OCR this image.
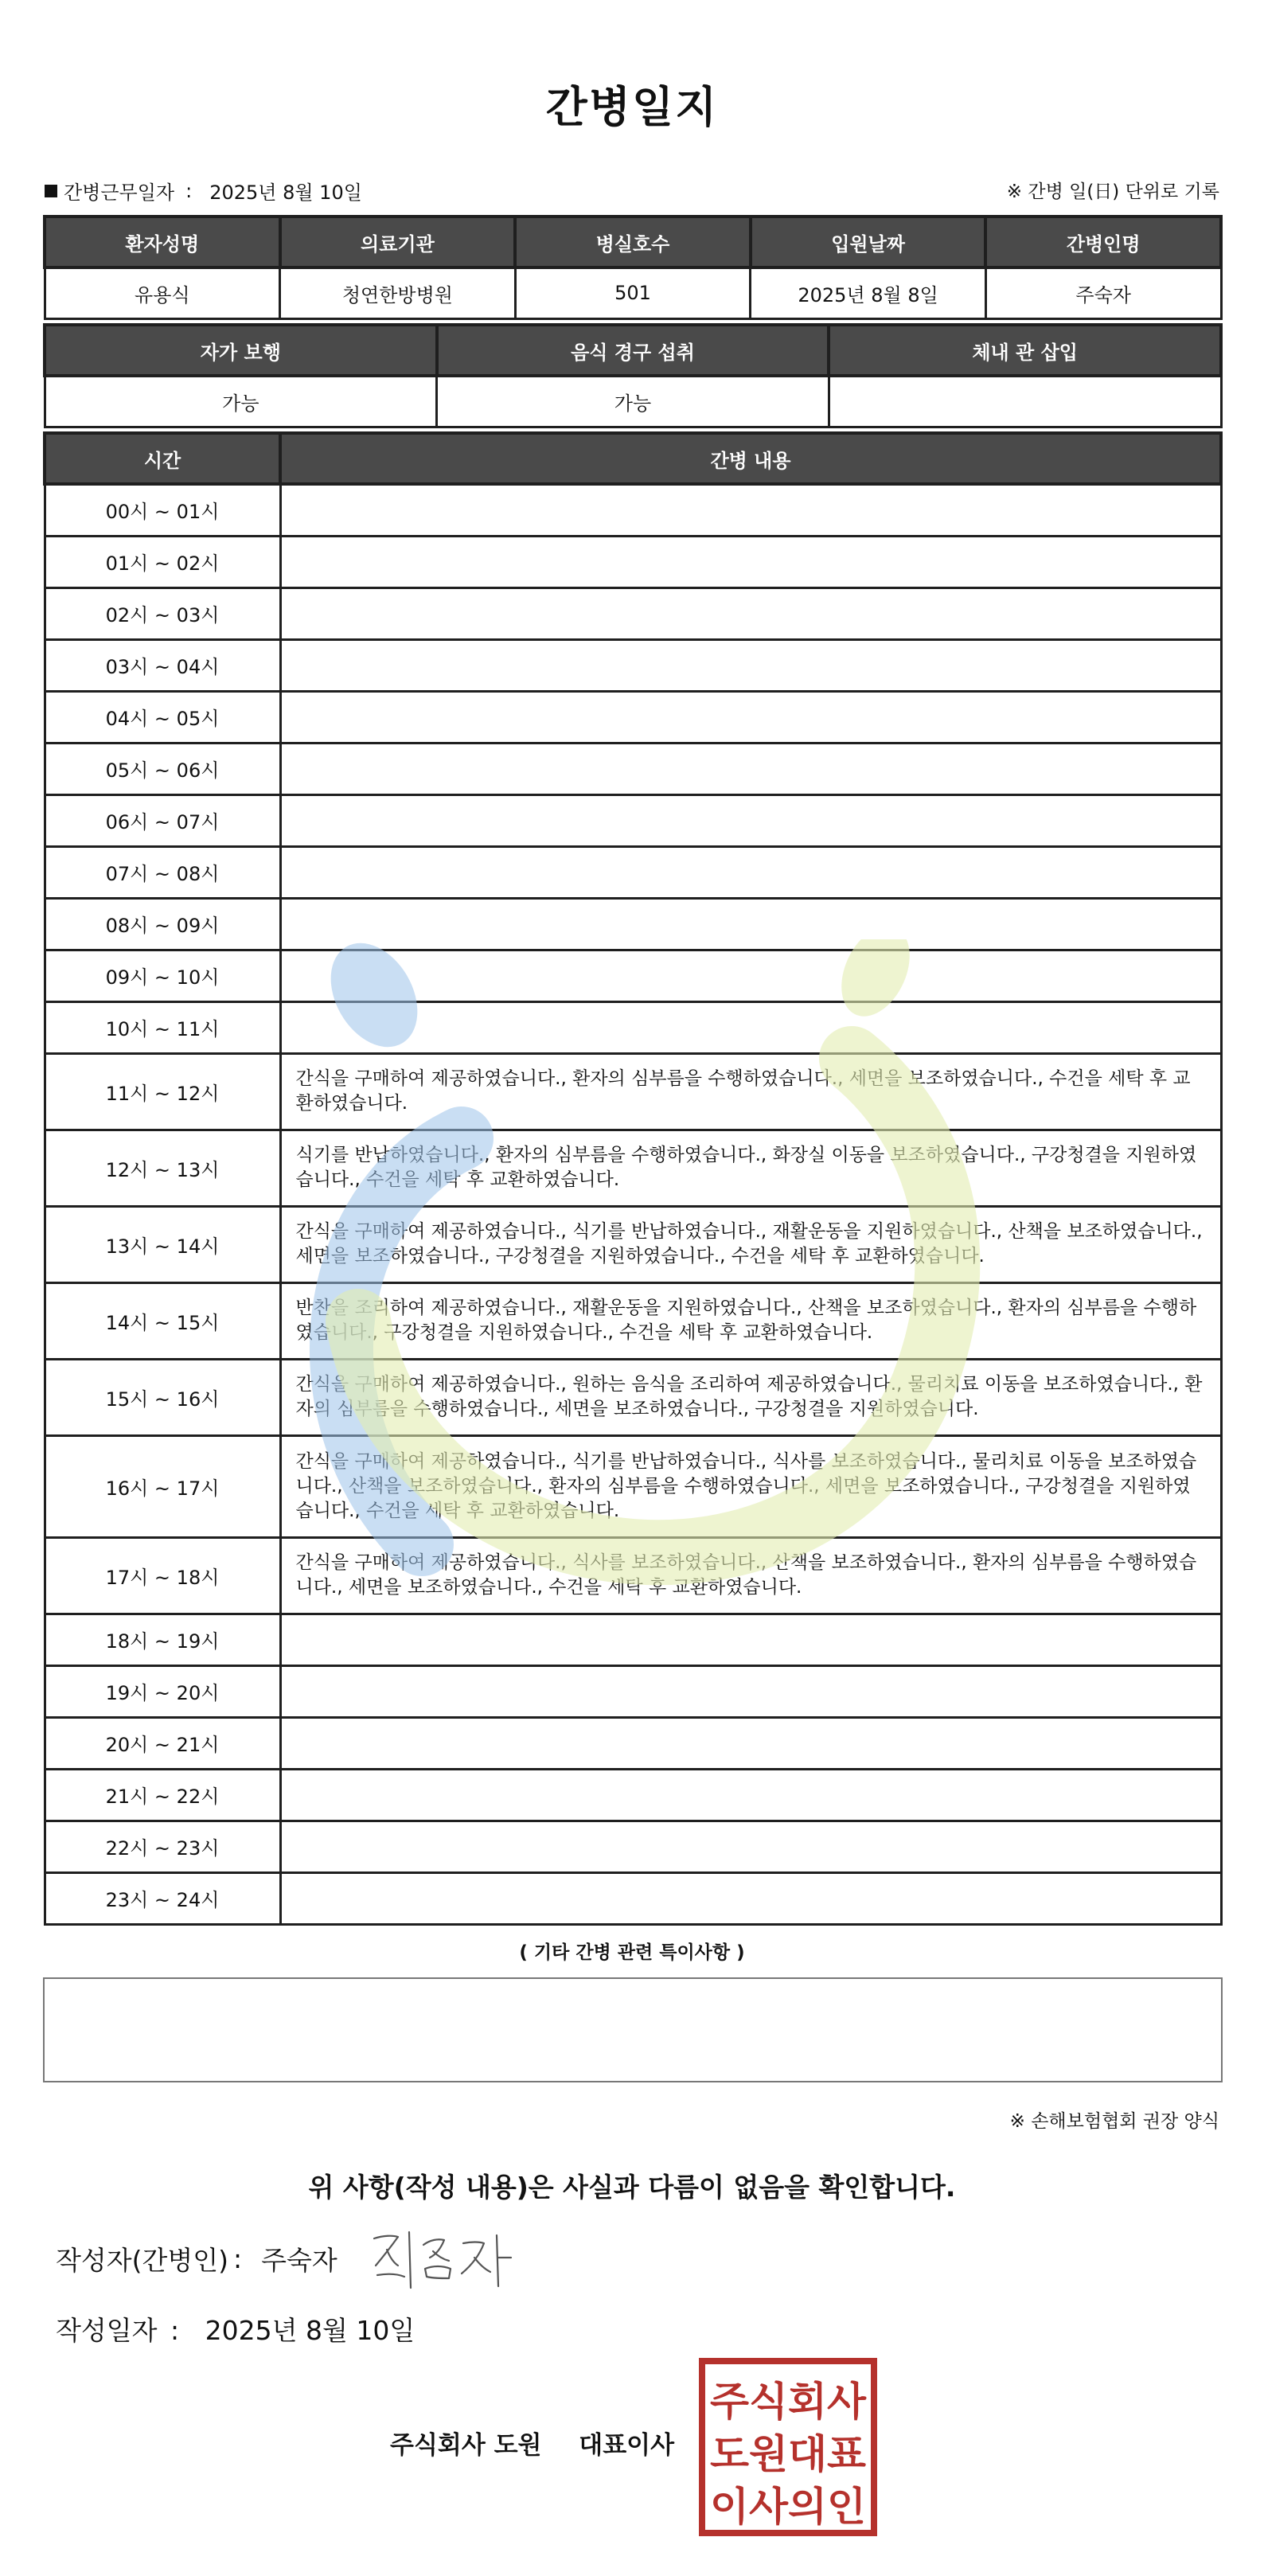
간병일지
간병근무일자 : 2025년 8월 10일	※ 간병 일(日) 단위로 기록
환자성명	의료기관	병실호수	입원날짜	간병인명
유용식	청연한방병원	501	2025년 8월 8일	주숙자
자가 보행	음식 경구 섭취	체내 관 삽입
가능	가능	
시간	간병 내용
00시 ~ 01시	
01시 ~ 02시	
02시 ~ 03시	
03시 ~ 04시	
04시 ~ 05시	
05시 ~ 06시	
06시 ~ 07시	
07시 ~ 08시	
08시 ~ 09시	
09시 ~ 10시	
10시 ~ 11시	
11시 ~ 12시	간식을 구매하여 제공하였습니다., 환자의 심부름을 수행하였습니다., 세면을 보조하였습니다., 수건을 세탁 후 교환하였습니다.
12시 ~ 13시	식기를 반납하였습니다., 환자의 심부름을 수행하였습니다., 화장실 이동을 보조하였습니다., 구강청결을 지원하였습니다., 수건을 세탁 후 교환하였습니다.
13시 ~ 14시	간식을 구매하여 제공하였습니다., 식기를 반납하였습니다., 재활운동을 지원하였습니다., 산책을 보조하였습니다., 세면을 보조하였습니다., 구강청결을 지원하였습니다., 수건을 세탁 후 교환하였습니다.
14시 ~ 15시	반찬을 조리하여 제공하였습니다., 재활운동을 지원하였습니다., 산책을 보조하였습니다., 환자의 심부름을 수행하였습니다., 구강청결을 지원하였습니다., 수건을 세탁 후 교환하였습니다.
15시 ~ 16시	간식을 구매하여 제공하였습니다., 원하는 음식을 조리하여 제공하였습니다., 물리치료 이동을 보조하였습니다., 환자의 심부름을 수행하였습니다., 세면을 보조하였습니다., 구강청결을 지원하였습니다.
16시 ~ 17시	간식을 구매하여 제공하였습니다., 식기를 반납하였습니다., 식사를 보조하였습니다., 물리치료 이동을 보조하였습니다., 산책을 보조하였습니다., 환자의 심부름을 수행하였습니다., 세면을 보조하였습니다., 구강청결을 지원하였습니다., 수건을 세탁 후 교환하였습니다.
17시 ~ 18시	간식을 구매하여 제공하였습니다., 식사를 보조하였습니다., 산책을 보조하였습니다., 환자의 심부름을 수행하였습니다., 세면을 보조하였습니다., 수건을 세탁 후 교환하였습니다.
18시 ~ 19시	
19시 ~ 20시	
20시 ~ 21시	
21시 ~ 22시	
22시 ~ 23시	
23시 ~ 24시	
( 기타 간병 관련 특이사항 )
※ 손해보험협회 권장 양식
위 사항(작성 내용)은 사실과 다름이 없음을 확인합니다.
작성자(간병인) : 주숙자
작성일자 : 2025년 8월 10일
주식회사 도원 대표이사
주식회사
도원대표
이사의인
